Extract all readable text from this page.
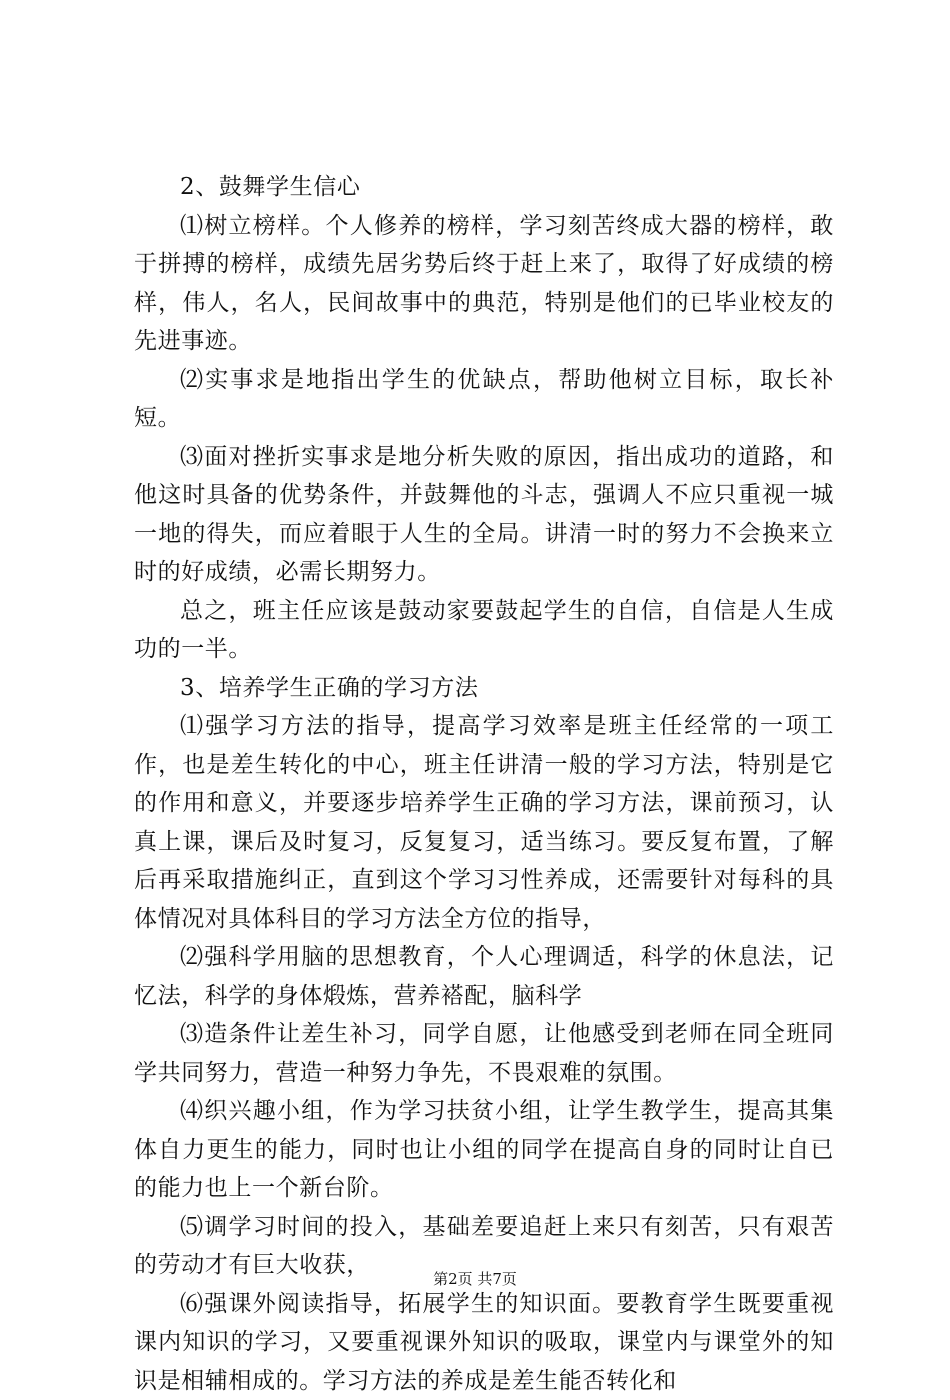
2、鼓舞学生信心

⑴树立榜样。个人修养的榜样，学习刻苦终成大器的榜样，敢于拼搏的榜样，成绩先居劣势后终于赶上来了，取得了好成绩的榜样，伟人，名人，民间故事中的典范，特别是他们的已毕业校友的先进事迹。

⑵实事求是地指出学生的优缺点，帮助他树立目标，取长补短。

⑶面对挫折实事求是地分析失败的原因，指出成功的道路，和他这时具备的优势条件，并鼓舞他的斗志，强调人不应只重视一城一地的得失，而应着眼于人生的全局。讲清一时的努力不会换来立时的好成绩，必需长期努力。

总之，班主任应该是鼓动家要鼓起学生的自信，自信是人生成功的一半。

3、培养学生正确的学习方法

⑴强学习方法的指导，提高学习效率是班主任经常的一项工作，也是差生转化的中心，班主任讲清一般的学习方法，特别是它的作用和意义，并要逐步培养学生正确的学习方法，课前预习，认真上课，课后及时复习，反复复习，适当练习。要反复布置，了解后再采取措施纠正，直到这个学习习性养成，还需要针对每科的具体情况对具体科目的学习方法全方位的指导，

⑵强科学用脑的思想教育，个人心理调适，科学的休息法，记忆法，科学的身体煅炼，营养褡配，脑科学

⑶造条件让差生补习，同学自愿，让他感受到老师在同全班同学共同努力，营造一种努力争先，不畏艰难的氛围。

⑷织兴趣小组，作为学习扶贫小组，让学生教学生，提高其集体自力更生的能力，同时也让小组的同学在提高自身的同时让自已的能力也上一个新台阶。

⑸调学习时间的投入，基础差要追赶上来只有刻苦，只有艰苦的劳动才有巨大收获，

⑹强课外阅读指导，拓展学生的知识面。要教育学生既要重视课内知识的学习，又要重视课外知识的吸取，课堂内与课堂外的知识是相辅相成的。学习方法的养成是差生能否转化和

第2页 共7页
